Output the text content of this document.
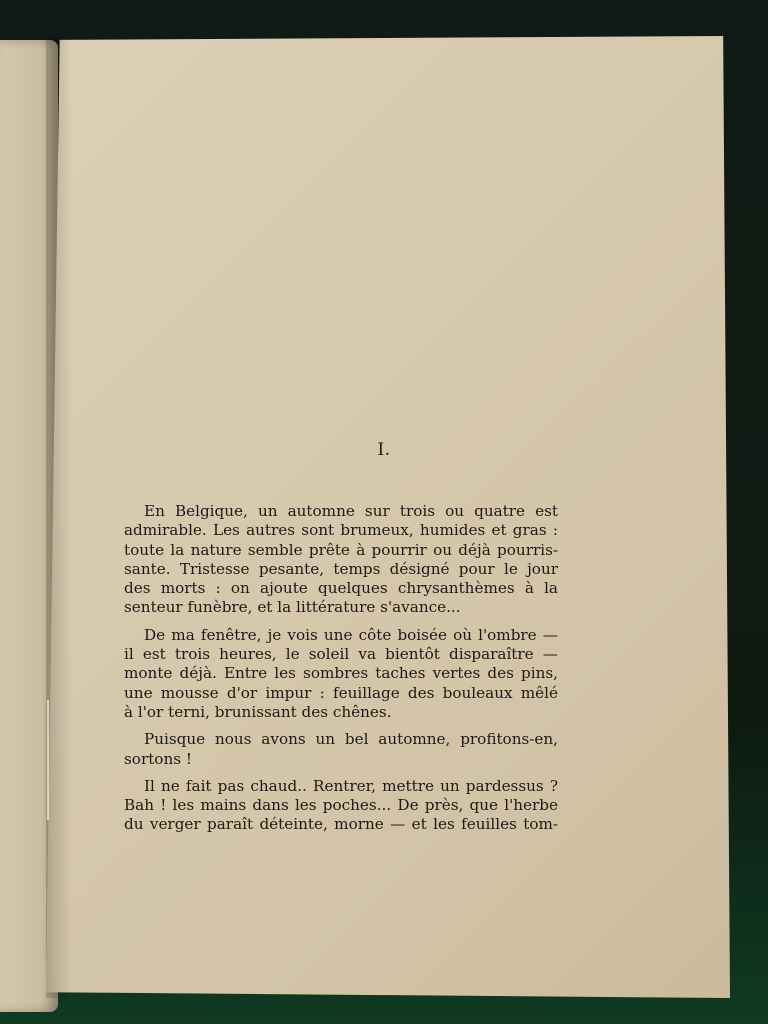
I.
En Belgique, un automne sur trois ou quatre est
admirable. Les autres sont brumeux, humides et gras :
toute la nature semble prête à pourrir ou déjà pourris-
sante. Tristesse pesante, temps désigné pour le jour
des morts : on ajoute quelques chrysanthèmes à la
senteur funèbre, et la littérature s'avance...
De ma fenêtre, je vois une côte boisée où l'ombre —
il est trois heures, le soleil va bientôt disparaître —
monte déjà. Entre les sombres taches vertes des pins,
une mousse d'or impur : feuillage des bouleaux mêlé
à l'or terni, brunissant des chênes.
Puisque nous avons un bel automne, profitons-en,
sortons !
Il ne fait pas chaud.. Rentrer, mettre un pardessus ?
Bah ! les mains dans les poches... De près, que l'herbe
du verger paraît déteinte, morne — et les feuilles tom-
